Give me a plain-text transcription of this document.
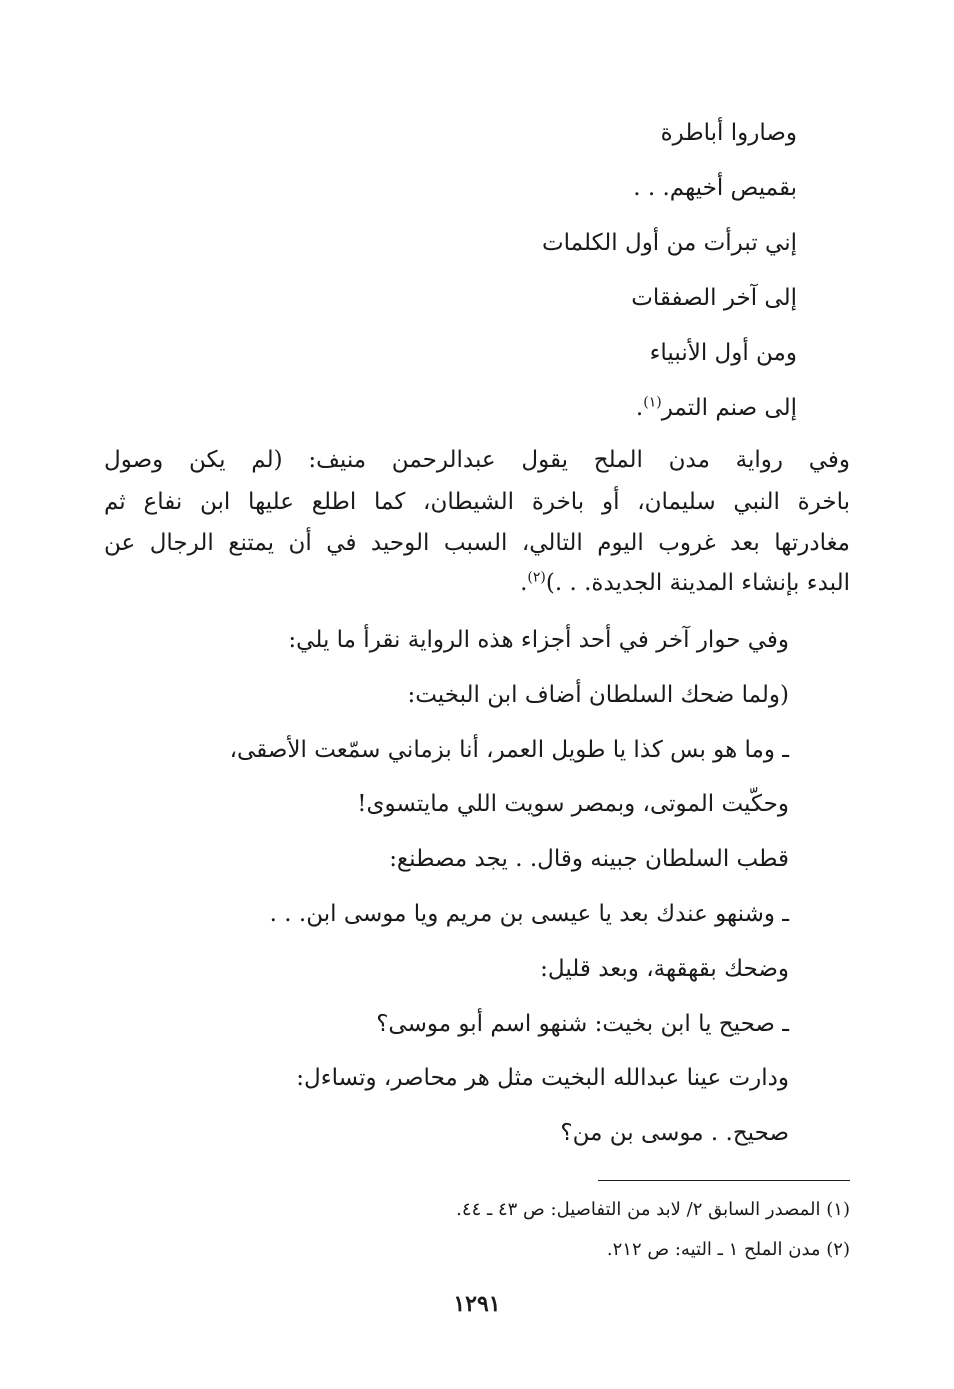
وصاروا أباطرة
بقميص أخيهم. . .
إني تبرأت من أول الكلمات
إلى آخر الصفقات
ومن أول الأنبياء
إلى صنم التمر$^{(١)}$.
وفي رواية مدن الملح يقول عبدالرحمن منيف: (لم يكن وصول
باخرة النبي سليمان، أو باخرة الشيطان، كما اطلع عليها ابن نفاع ثم
مغادرتها بعد غروب اليوم التالي، السبب الوحيد في أن يمتنع الرجال عن
البدء بإنشاء المدينة الجديدة. . .)$^{(٢)}$.
وفي حوار آخر في أحد أجزاء هذه الرواية نقرأ ما يلي:
(ولما ضحك السلطان أضاف ابن البخيت:
ـ وما هو بس كذا يا طويل العمر، أنا بزماني سمّعت الأصقى،
وحكّيت الموتى، وبمصر سويت اللي مايتسوى!
قطب السلطان جبينه وقال. . يجد مصطنع:
ـ وشنهو عندك بعد يا عيسى بن مريم ويا موسى ابن. . .
وضحك بقهقهة، وبعد قليل:
ـ صحيح يا ابن بخيت: شنهو اسم أبو موسى؟
ودارت عينا عبدالله البخيت مثل هر محاصر، وتساءل:
صحيح. . موسى بن من؟
(١) المصدر السابق ٢/ لابد من التفاصيل: ص ٤٣ ـ ٤٤.
(٢) مدن الملح ١ ـ التيه: ص ٢١٢.
١٢٩١
